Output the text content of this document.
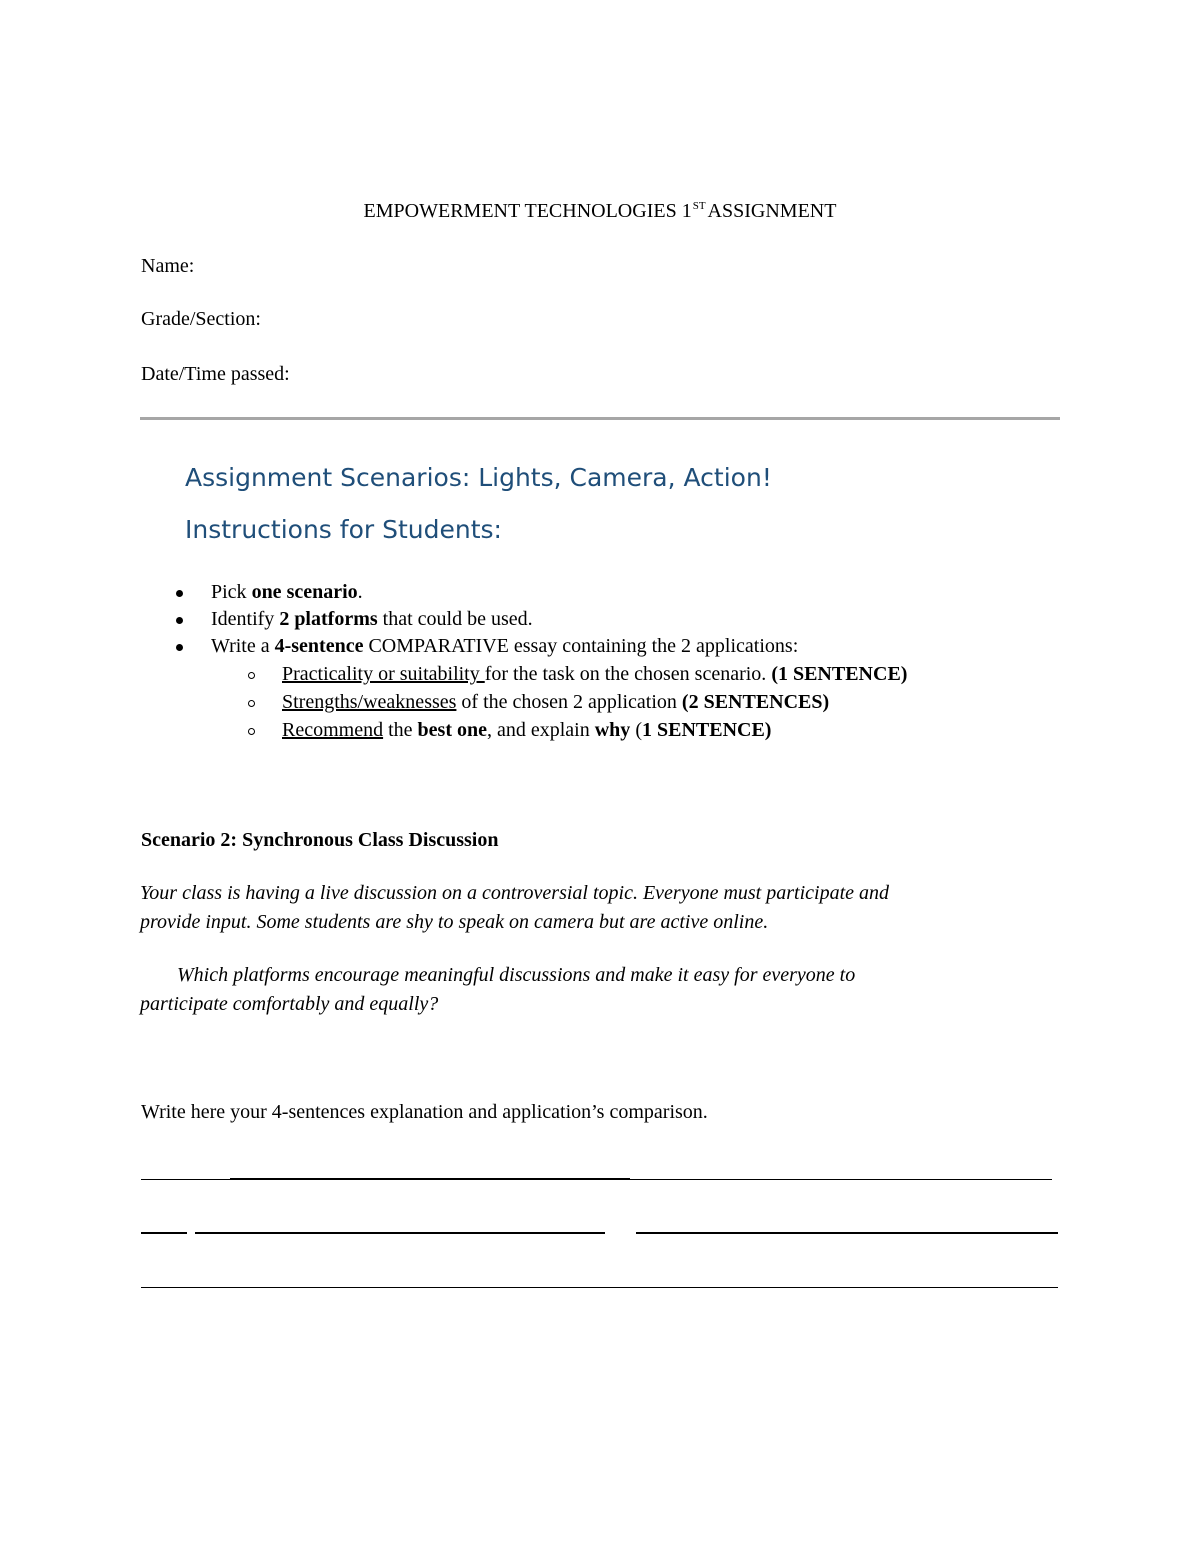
EMPOWERMENT TECHNOLOGIES 1ST ASSIGNMENT
Name:
Grade/Section:
Date/Time passed:
Assignment Scenarios: Lights, Camera, Action!
Instructions for Students:
Pick one scenario.
Identify 2 platforms that could be used.
Write a 4-sentence COMPARATIVE essay containing the 2 applications:
Practicality or suitability for the task on the chosen scenario. (1 SENTENCE)
Strengths/weaknesses of the chosen 2 application (2 SENTENCES)
Recommend the best one, and explain why (1 SENTENCE)
Scenario 2: Synchronous Class Discussion
Your class is having a live discussion on a controversial topic. Everyone must participate and
provide input. Some students are shy to speak on camera but are active online.
Which platforms encourage meaningful discussions and make it easy for everyone to
participate comfortably and equally?
Write here your 4-sentences explanation and application’s comparison.
